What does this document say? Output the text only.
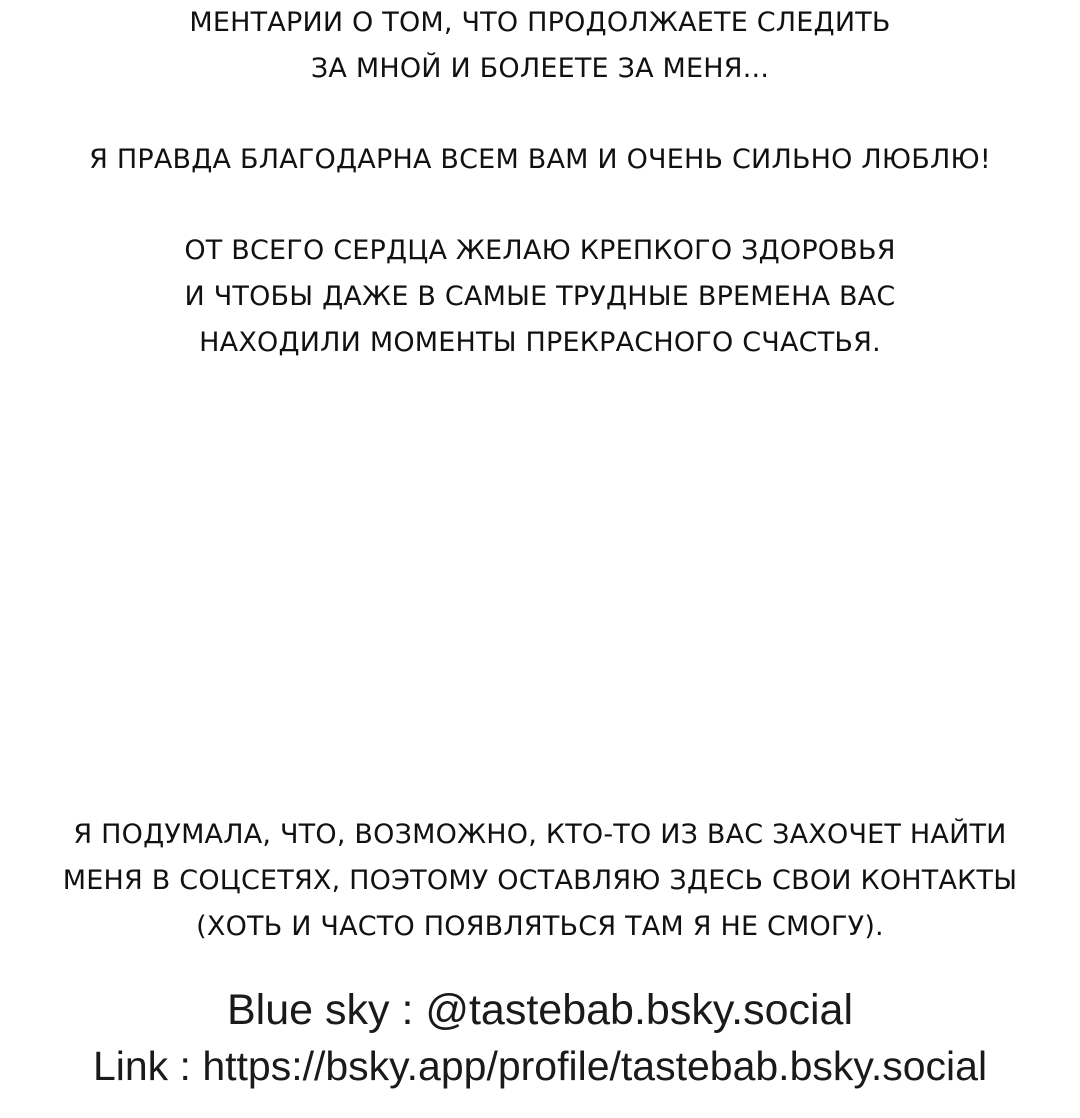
МЕНТАРИИ О ТОМ, ЧТО ПРОДОЛЖАЕТЕ СЛЕДИТЬ
ЗА МНОЙ И БОЛЕЕТЕ ЗА МЕНЯ...
Я ПРАВДА БЛАГОДАРНА ВСЕМ ВАМ И ОЧЕНЬ СИЛЬНО ЛЮБЛЮ!
ОТ ВСЕГО СЕРДЦА ЖЕЛАЮ КРЕПКОГО ЗДОРОВЬЯ
И ЧТОБЫ ДАЖЕ В САМЫЕ ТРУДНЫЕ ВРЕМЕНА ВАС
НАХОДИЛИ МОМЕНТЫ ПРЕКРАСНОГО СЧАСТЬЯ.
Я ПОДУМАЛА, ЧТО, ВОЗМОЖНО, КТО-ТО ИЗ ВАС ЗАХОЧЕТ НАЙТИ
МЕНЯ В СОЦСЕТЯХ, ПОЭТОМУ ОСТАВЛЯЮ ЗДЕСЬ СВОИ КОНТАКТЫ
(ХОТЬ И ЧАСТО ПОЯВЛЯТЬСЯ ТАМ Я НЕ СМОГУ).
Blue sky : @tastebab.bsky.social
Link : https://bsky.app/profile/tastebab.bsky.social
